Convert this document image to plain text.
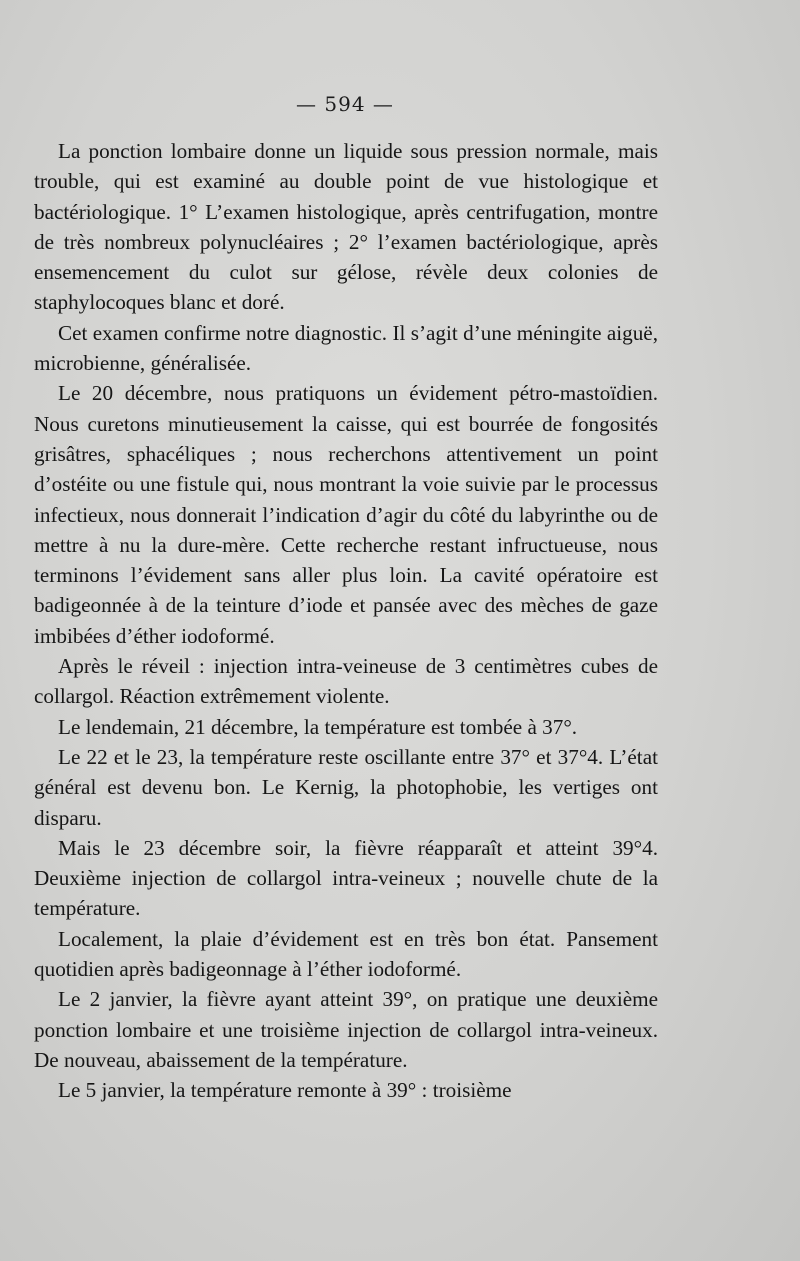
— 594 —

La ponction lombaire donne un liquide sous pression normale, mais trouble, qui est examiné au double point de vue histologique et bactériologique. 1° L’examen histologique, après centrifugation, montre de très nombreux polynucléaires ; 2° l’examen bactériologique, après ensemencement du culot sur gélose, révèle deux colonies de staphylocoques blanc et doré.

Cet examen confirme notre diagnostic. Il s’agit d’une méningite aiguë, microbienne, généralisée.

Le 20 décembre, nous pratiquons un évidement pétro-mastoïdien. Nous curetons minutieusement la caisse, qui est bourrée de fongosités grisâtres, sphacéliques ; nous recherchons attentivement un point d’ostéite ou une fistule qui, nous montrant la voie suivie par le processus infectieux, nous donnerait l’indication d’agir du côté du labyrinthe ou de mettre à nu la dure-mère. Cette recherche restant infructueuse, nous terminons l’évidement sans aller plus loin. La cavité opératoire est badigeonnée à de la teinture d’iode et pansée avec des mèches de gaze imbibées d’éther iodoformé.

Après le réveil : injection intra-veineuse de 3 centimètres cubes de collargol. Réaction extrêmement violente.

Le lendemain, 21 décembre, la température est tombée à 37°.

Le 22 et le 23, la température reste oscillante entre 37° et 37°4. L’état général est devenu bon. Le Kernig, la photophobie, les vertiges ont disparu.

Mais le 23 décembre soir, la fièvre réapparaît et atteint 39°4. Deuxième injection de collargol intra-veineux ; nouvelle chute de la température.

Localement, la plaie d’évidement est en très bon état. Pansement quotidien après badigeonnage à l’éther iodoformé.

Le 2 janvier, la fièvre ayant atteint 39°, on pratique une deuxième ponction lombaire et une troisième injection de collargol intra-veineux. De nouveau, abaissement de la température.

Le 5 janvier, la température remonte à 39° : troisième
